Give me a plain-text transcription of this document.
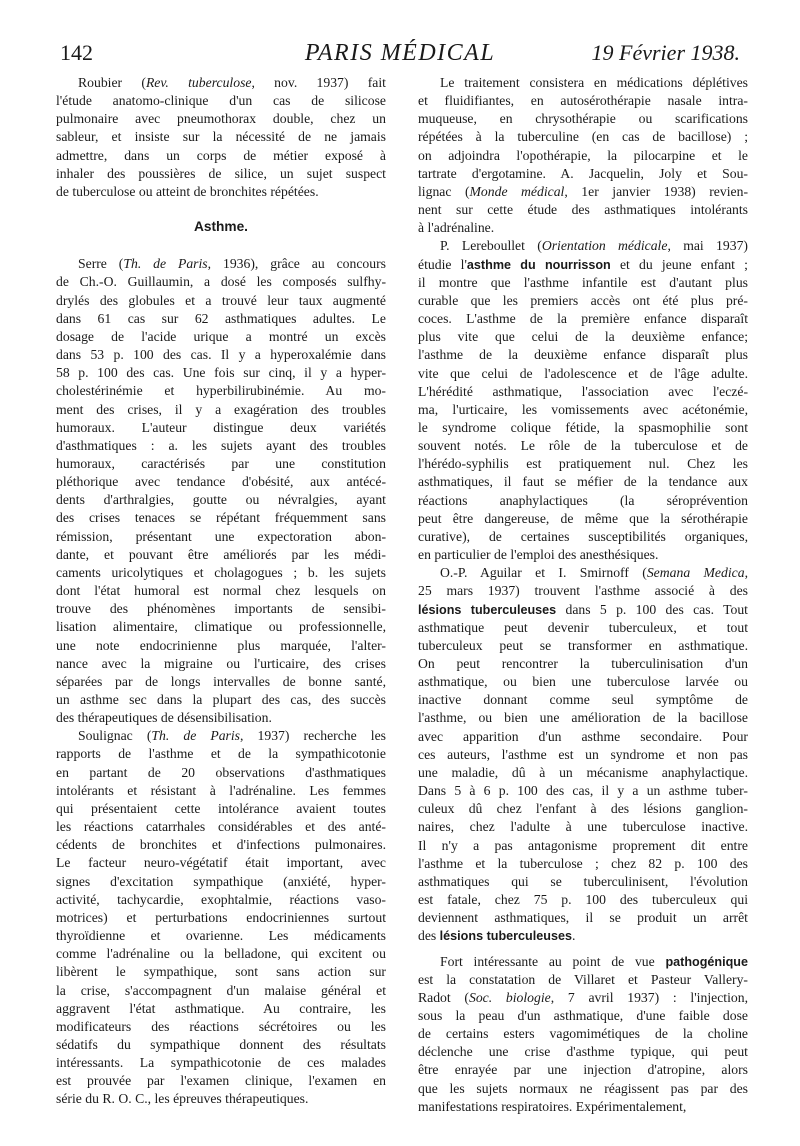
142	PARIS MÉDICAL	19 Février 1938.
Roubier (Rev. tuberculose, nov. 1937) fait
l'étude anatomo-clinique d'un cas de silicose
pulmonaire avec pneumothorax double, chez un
sableur, et insiste sur la nécessité de ne jamais
admettre, dans un corps de métier exposé à
inhaler des poussières de silice, un sujet suspect
de tuberculose ou atteint de bronchites répétées.
Asthme.
Serre (Th. de Paris, 1936), grâce au concours
de Ch.-O. Guillaumin, a dosé les composés sulfhy-
drylés des globules et a trouvé leur taux augmenté
dans 61 cas sur 62 asthmatiques adultes. Le
dosage de l'acide urique a montré un excès
dans 53 p. 100 des cas. Il y a hyperoxalémie dans
58 p. 100 des cas. Une fois sur cinq, il y a hyper-
cholestérinémie et hyperbilirubinémie. Au mo-
ment des crises, il y a exagération des troubles
humoraux. L'auteur distingue deux variétés
d'asthmatiques : a. les sujets ayant des troubles
humoraux, caractérisés par une constitution
pléthorique avec tendance d'obésité, aux antécé-
dents d'arthralgies, goutte ou névralgies, ayant
des crises tenaces se répétant fréquemment sans
rémission, présentant une expectoration abon-
dante, et pouvant être améliorés par les médi-
caments uricolytiques et cholagogues ; b. les sujets
dont l'état humoral est normal chez lesquels on
trouve des phénomènes importants de sensibi-
lisation alimentaire, climatique ou professionnelle,
une note endocrinienne plus marquée, l'alter-
nance avec la migraine ou l'urticaire, des crises
séparées par de longs intervalles de bonne santé,
un asthme sec dans la plupart des cas, des succès
des thérapeutiques de désensibilisation.
Soulignac (Th. de Paris, 1937) recherche les
rapports de l'asthme et de la sympathicotonie
en partant de 20 observations d'asthmatiques
intolérants et résistant à l'adrénaline. Les femmes
qui présentaient cette intolérance avaient toutes
les réactions catarrhales considérables et des anté-
cédents de bronchites et d'infections pulmonaires.
Le facteur neuro-végétatif était important, avec
signes d'excitation sympathique (anxiété, hyper-
activité, tachycardie, exophtalmie, réactions vaso-
motrices) et perturbations endocriniennes surtout
thyroïdienne et ovarienne. Les médicaments
comme l'adrénaline ou la belladone, qui excitent ou
libèrent le sympathique, sont sans action sur
la crise, s'accompagnent d'un malaise général et
aggravent l'état asthmatique. Au contraire, les
modificateurs des réactions sécrétoires ou les
sédatifs du sympathique donnent des résultats
intéressants. La sympathicotonie de ces malades
est prouvée par l'examen clinique, l'examen en
série du R. O. C., les épreuves thérapeutiques.
Le traitement consistera en médications déplétives
et fluidifiantes, en autosérothérapie nasale intra-
muqueuse, en chrysothérapie ou scarifications
répétées à la tuberculine (en cas de bacillose) ;
on adjoindra l'opothérapie, la pilocarpine et le
tartrate d'ergotamine. A. Jacquelin, Joly et Sou-
lignac (Monde médical, 1er janvier 1938) revien-
nent sur cette étude des asthmatiques intolérants
à l'adrénaline.
P. Lereboullet (Orientation médicale, mai 1937)
étudie l'asthme du nourrisson et du jeune enfant ;
il montre que l'asthme infantile est d'autant plus
curable que les premiers accès ont été plus pré-
coces. L'asthme de la première enfance disparaît
plus vite que celui de la deuxième enfance;
l'asthme de la deuxième enfance disparaît plus
vite que celui de l'adolescence et de l'âge adulte.
L'hérédité asthmatique, l'association avec l'eczé-
ma, l'urticaire, les vomissements avec acétonémie,
le syndrome colique fétide, la spasmophilie sont
souvent notés. Le rôle de la tuberculose et de
l'hérédo-syphilis est pratiquement nul. Chez les
asthmatiques, il faut se méfier de la tendance aux
réactions anaphylactiques (la séroprévention
peut être dangereuse, de même que la sérothérapie
curative), de certaines susceptibilités organiques,
en particulier de l'emploi des anesthésiques.
O.-P. Aguilar et I. Smirnoff (Semana Medica,
25 mars 1937) trouvent l'asthme associé à des
lésions tuberculeuses dans 5 p. 100 des cas. Tout
asthmatique peut devenir tuberculeux, et tout
tuberculeux peut se transformer en asthmatique.
On peut rencontrer la tuberculinisation d'un
asthmatique, ou bien une tuberculose larvée ou
inactive donnant comme seul symptôme de
l'asthme, ou bien une amélioration de la bacillose
avec apparition d'un asthme secondaire. Pour
ces auteurs, l'asthme est un syndrome et non pas
une maladie, dû à un mécanisme anaphylactique.
Dans 5 à 6 p. 100 des cas, il y a un asthme tuber-
culeux dû chez l'enfant à des lésions ganglion-
naires, chez l'adulte à une tuberculose inactive.
Il n'y a pas antagonisme proprement dit entre
l'asthme et la tuberculose ; chez 82 p. 100 des
asthmatiques qui se tuberculinisent, l'évolution
est fatale, chez 75 p. 100 des tuberculeux qui
deviennent asthmatiques, il se produit un arrêt
des lésions tuberculeuses.
Fort intéressante au point de vue pathogénique
est la constatation de Villaret et Pasteur Vallery-
Radot (Soc. biologie, 7 avril 1937) : l'injection,
sous la peau d'un asthmatique, d'une faible dose
de certains esters vagomimétiques de la choline
déclenche une crise d'asthme typique, qui peut
être enrayée par une injection d'atropine, alors
que les sujets normaux ne réagissent pas par des
manifestations respiratoires. Expérimentalement,
